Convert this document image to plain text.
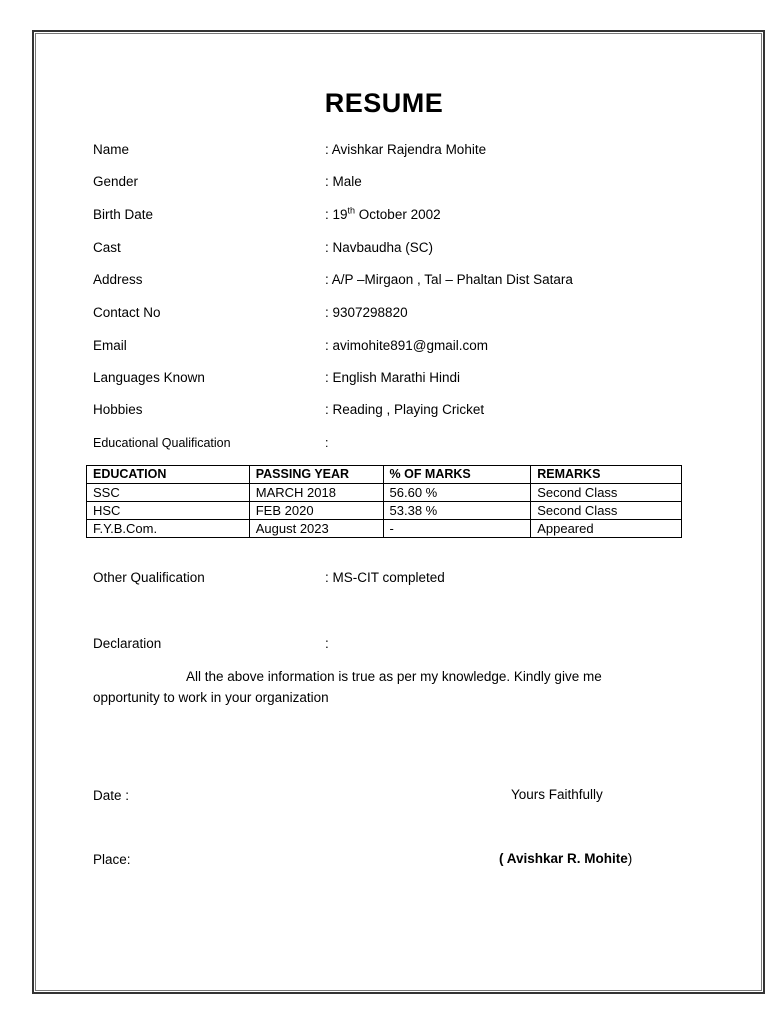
RESUME
Name	: Avishkar Rajendra Mohite
Gender	: Male
Birth Date	: 19th October 2002
Cast	: Navbaudha (SC)
Address	: A/P –Mirgaon , Tal – Phaltan Dist Satara
Contact No	: 9307298820
Email	: avimohite891@gmail.com
Languages Known	: English Marathi Hindi
Hobbies	: Reading , Playing Cricket
Educational Qualification	:
EDUCATION	PASSING YEAR	% OF MARKS	REMARKS
SSC	MARCH 2018	56.60 %	Second Class
HSC	FEB 2020	53.38 %	Second Class
F.Y.B.Com.	August 2023	-	Appeared
Other Qualification	: MS-CIT completed
Declaration	:
All the above information is true as per my knowledge. Kindly give me opportunity to work in your organization
Date :	Yours Faithfully
Place:	( Avishkar R. Mohite)
